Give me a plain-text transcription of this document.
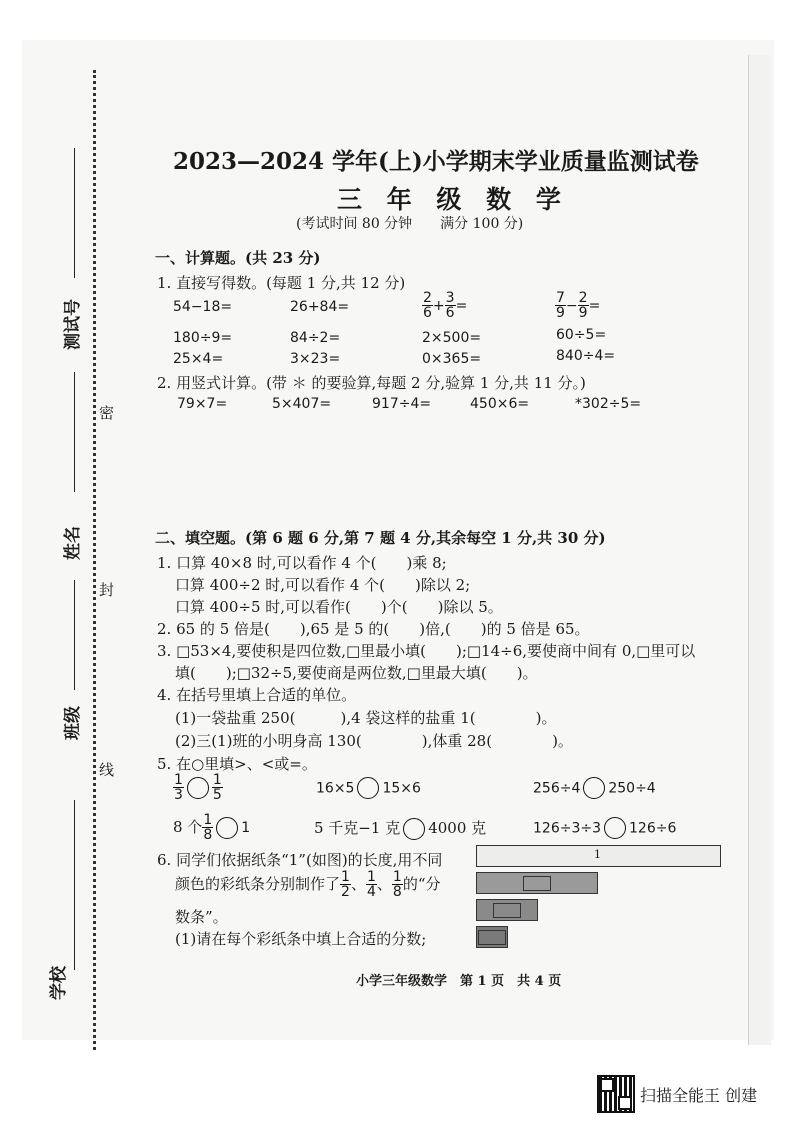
测试号
姓名
班级
学校
密
封
线
2023—2024 学年(上)小学期末学业质量监测试卷
三 年 级 数 学
(考试时间 80 分钟　　满分 100 分)
一、计算题。(共 23 分)
1. 直接写得数。(每题 1 分,共 12 分)
54−18=	26+84=	$\frac{2}{6} + \frac{3}{6}$ =	$\frac{7}{9} - \frac{2}{9}$ =
180÷9=	84÷2=	2×500=	60÷5=
25×4=	3×23=	0×365=	840÷4=
2. 用竖式计算。(带 ＊ 的要验算,每题 2 分,验算 1 分,共 11 分。)
79×7=	5×407=	917÷4=	450×6=	*302÷5=
二、填空题。(第 6 题 6 分,第 7 题 4 分,其余每空 1 分,共 30 分)
1. 口算 40×8 时,可以看作 4 个(　　)乘 8;
口算 400÷2 时,可以看作 4 个(　　)除以 2;
口算 400÷5 时,可以看作(　　)个(　　)除以 5。
2. 65 的 5 倍是(　　),65 是 5 的(　　)倍,(　　)的 5 倍是 65。
3. □53×4,要使积是四位数,□里最小填(　　);□14÷6,要使商中间有 0,□里可以
填(　　);□32÷5,要使商是两位数,□里最大填(　　)。
4. 在括号里填上合适的单位。
(1)一袋盐重 250(　　　),4 袋这样的盐重 1(　　　　)。
(2)三(1)班的小明身高 130(　　　　),体重 28(　　　　)。
5. 在○里填>、<或=。
$\frac{1}{3} \frac{1}{5}$	16×5 15×6	256÷4 250÷4
8 个 $\frac{1}{8} 1$	5 千克−1 克 4000 克	126÷3÷3 126÷6
6. 同学们依据纸条“1”(如图)的长度,用不同
颜色的彩纸条分别制作了 $\frac{1}{2}$ 、 $\frac{1}{4}$ 、 $\frac{1}{8}$ 的“分
数条”。
(1)请在每个彩纸条中填上合适的分数;
1
小学三年级数学　第 1 页　共 4 页
扫描全能王 创建
